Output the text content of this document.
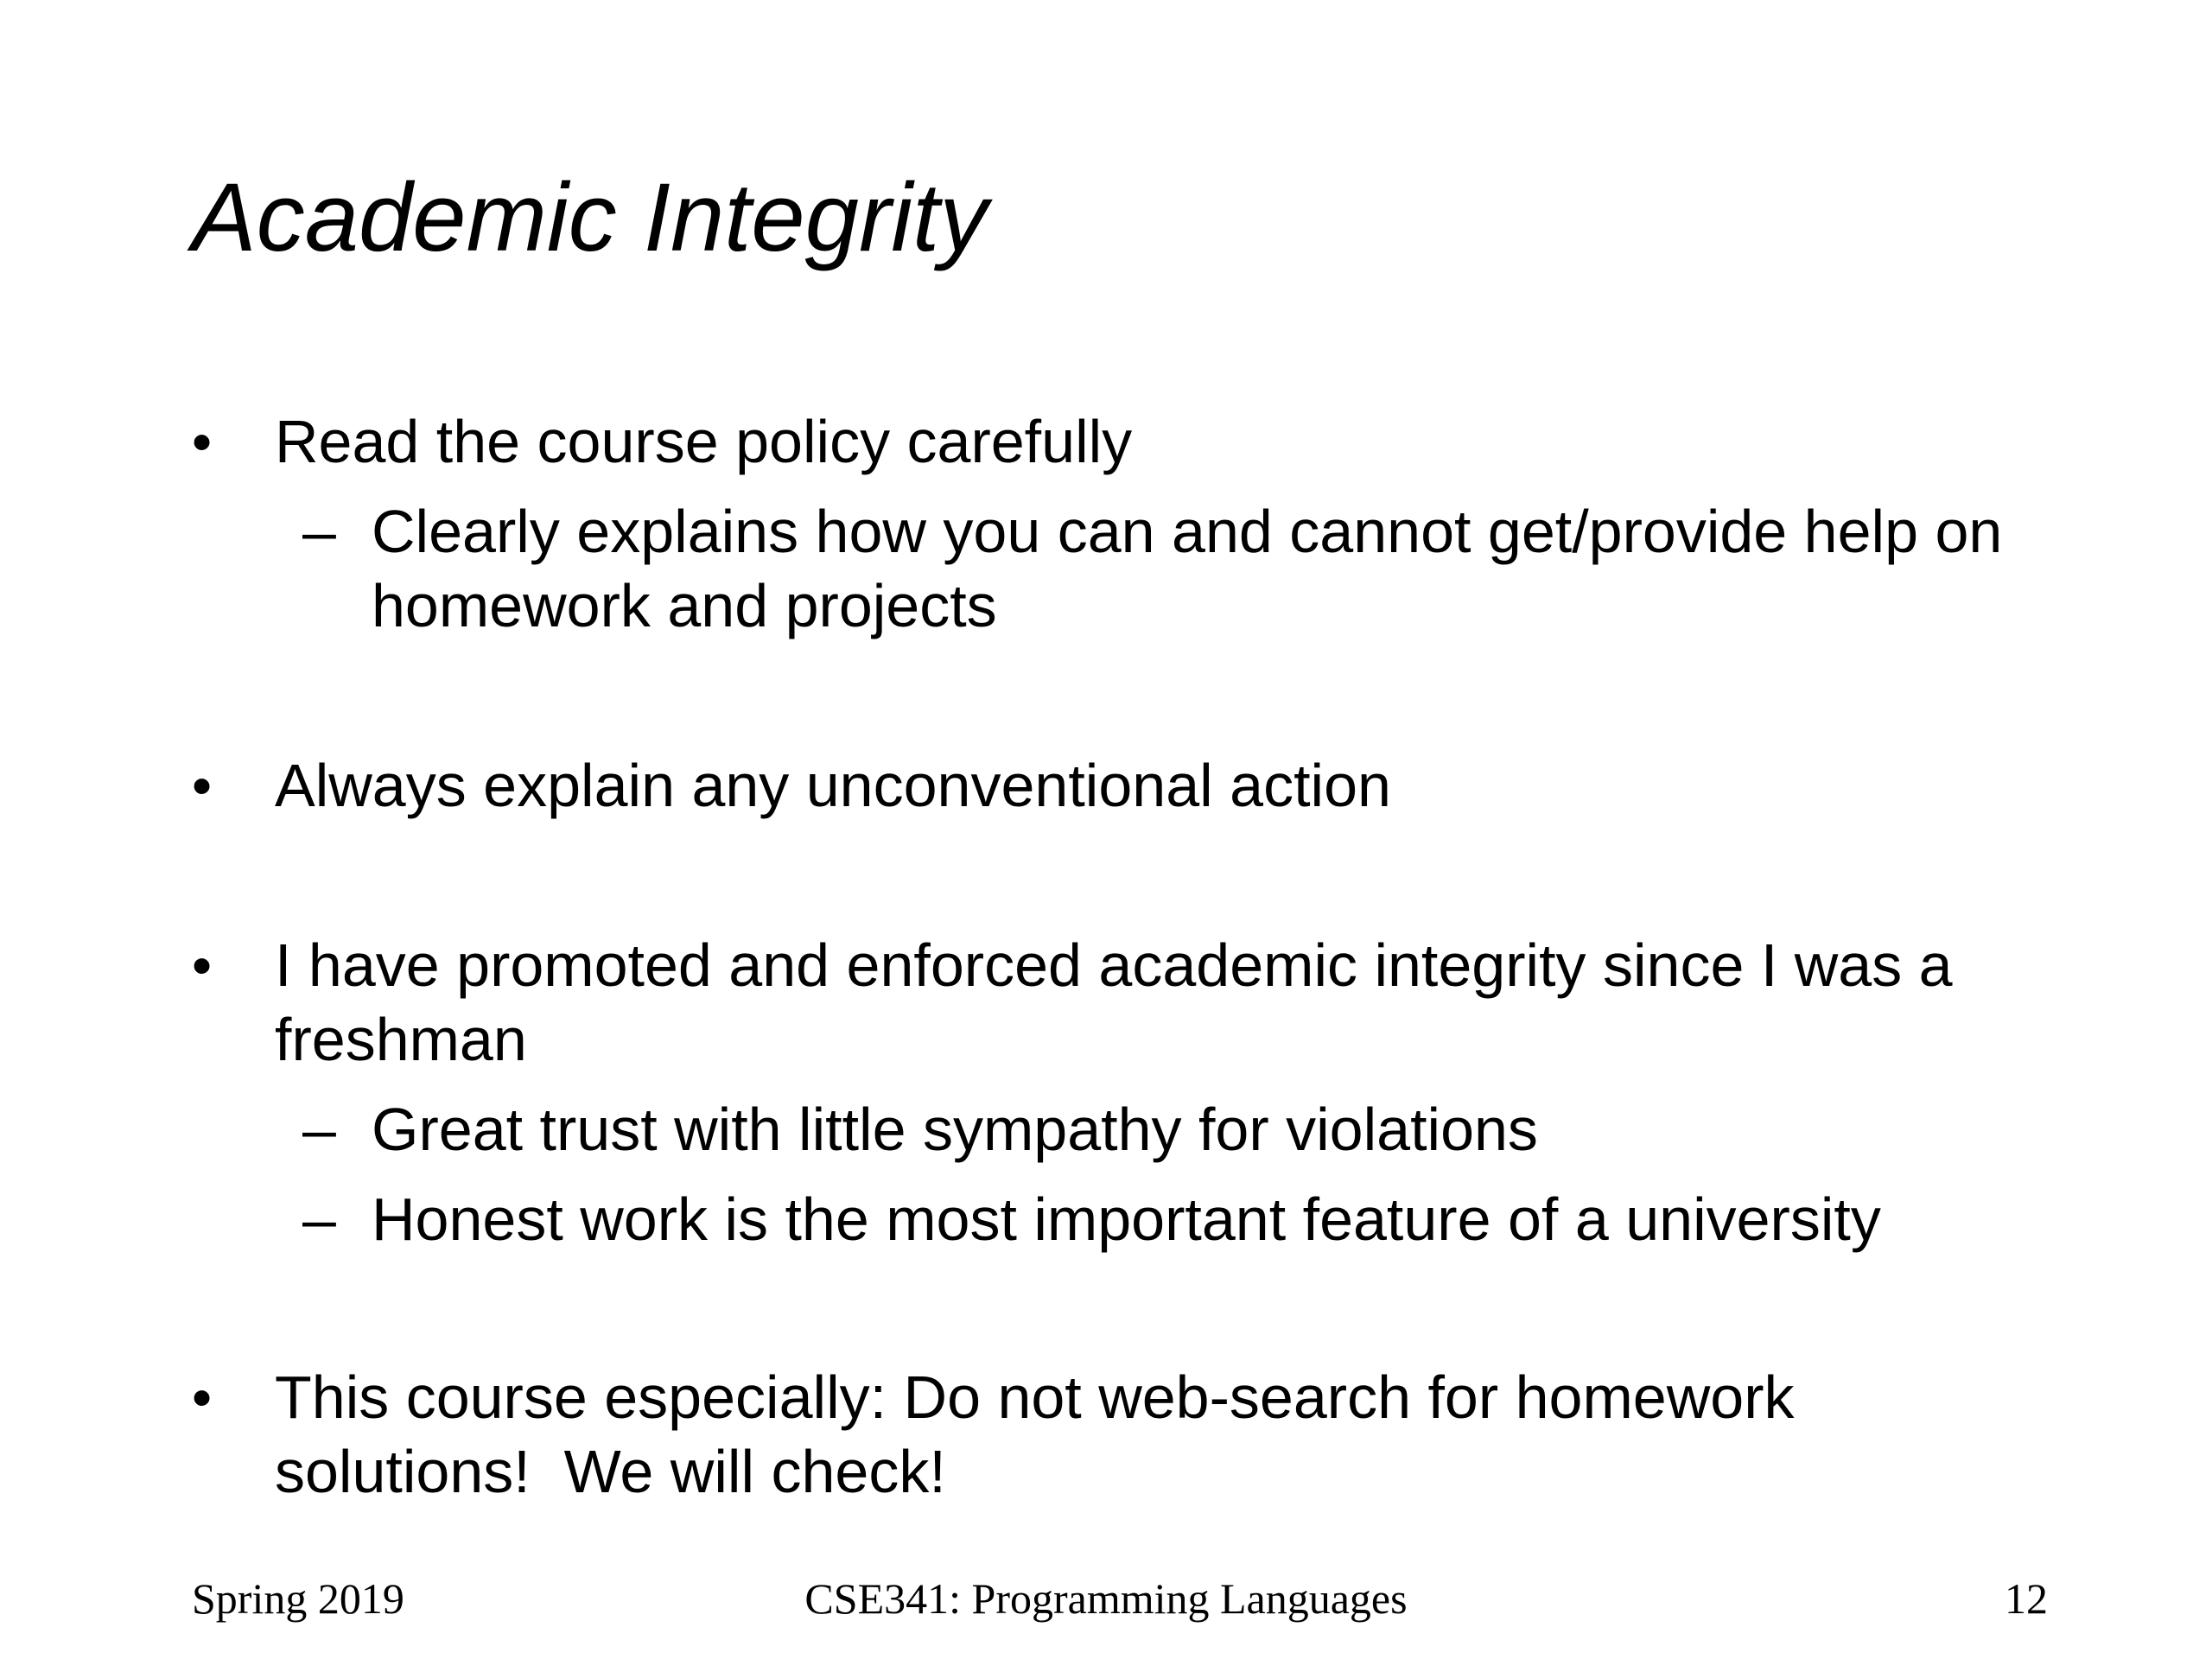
Academic Integrity
• Read the course policy carefully
– Clearly explains how you can and cannot get/provide help on
homework and projects
• Always explain any unconventional action
• I have promoted and enforced academic integrity since I was a
freshman
– Great trust with little sympathy for violations
– Honest work is the most important feature of a university
• This course especially: Do not web-search for homework
solutions!  We will check!
Spring 2019	CSE341: Programming Languages	12
